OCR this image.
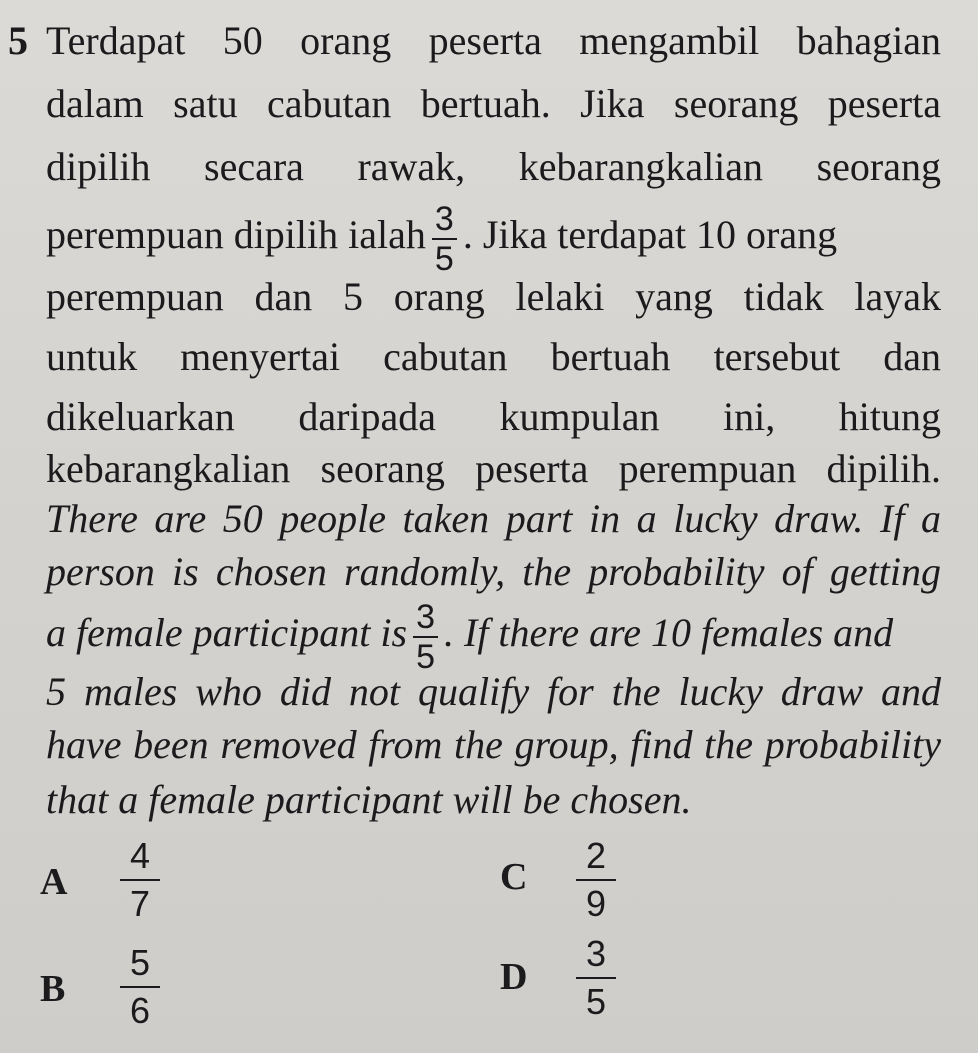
5 Terdapat 50 orang peserta mengambil bahagian
dalam satu cabutan bertuah. Jika seorang peserta
dipilih secara rawak, kebarangkalian seorang
perempuan dipilih ialah $\frac{3}{5}$ . Jika terdapat 10 orang
perempuan dan 5 orang lelaki yang tidak layak
untuk menyertai cabutan bertuah tersebut dan
dikeluarkan daripada kumpulan ini, hitung
kebarangkalian seorang peserta perempuan dipilih.
There are 50 people taken part in a lucky draw. If a
person is chosen randomly, the probability of getting
a female participant is $\frac{3}{5}$ . If there are 10 females and
5 males who did not qualify for the lucky draw and
have been removed from the group, find the probability
that a female participant will be chosen.
A
4
7
B
5
6
C
2
9
D
3
5
